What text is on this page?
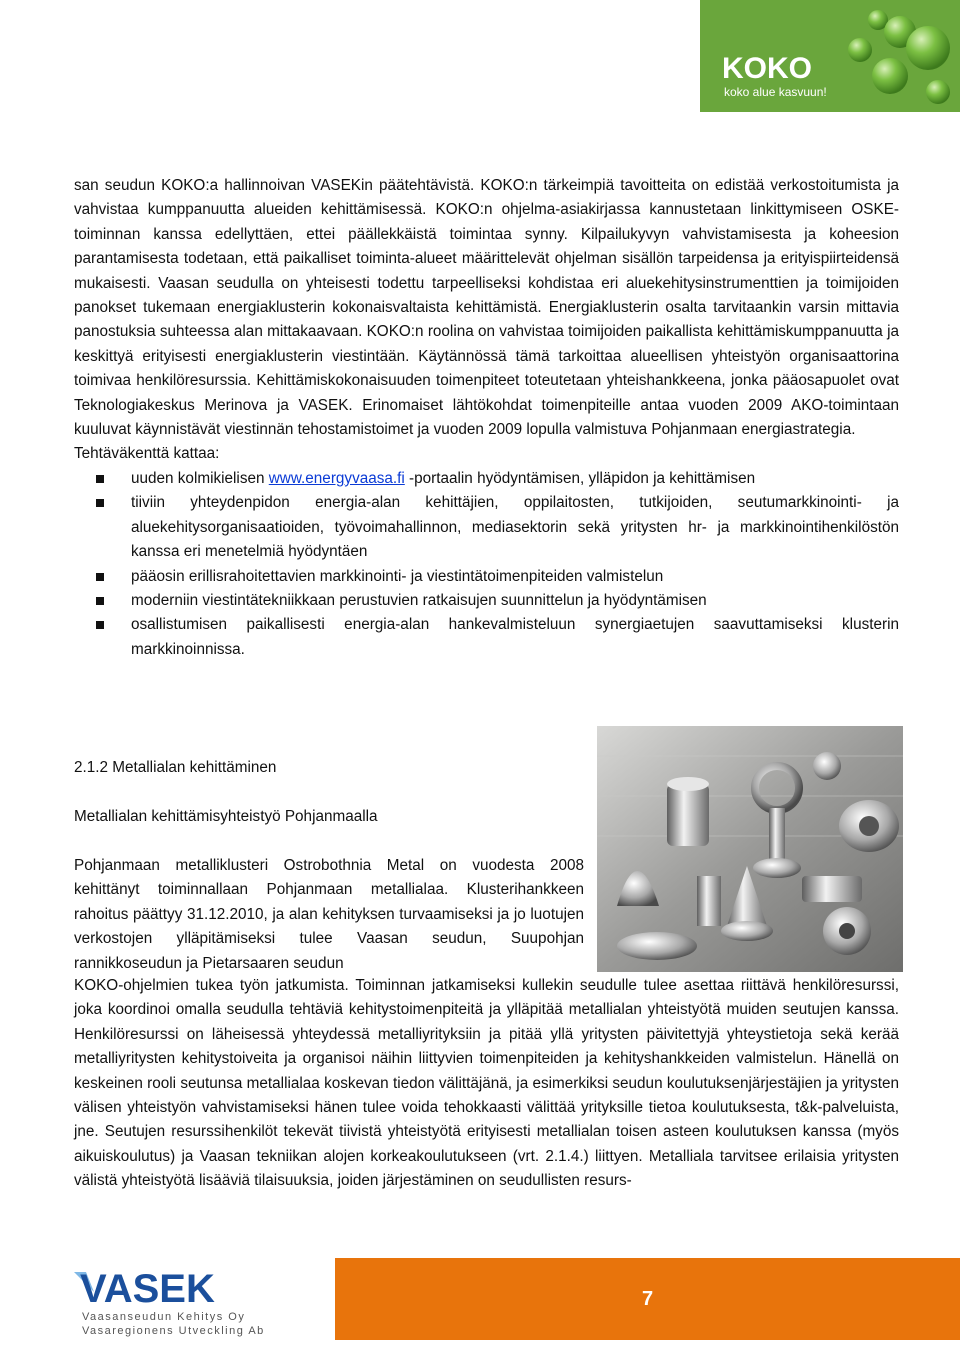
KOKO
koko alue kasvuun!

san seudun KOKO:a hallinnoivan VASEKin päätehtävistä. KOKO:n tärkeimpiä tavoitteita on edistää verkostoitumista ja vahvistaa kumppanuutta alueiden kehittämisessä. KOKO:n ohjelma-asiakirjassa kannustetaan linkittymiseen OSKE-toiminnan kanssa edellyttäen, ettei päällekkäistä toimintaa synny. Kilpailukyvyn vahvistamisesta ja koheesion parantamisesta todetaan, että paikalliset toiminta-alueet määrittelevät ohjelman sisällön tarpeidensa ja erityispiirteidensä mukaisesti. Vaasan seudulla on yhteisesti todettu tarpeelliseksi kohdistaa eri aluekehitysinstrumenttien ja toimijoiden panokset tukemaan energiaklusterin kokonaisvaltaista kehittämistä. Energiaklusterin osalta tarvitaankin varsin mittavia panostuksia suhteessa alan mittakaavaan. KOKO:n roolina on vahvistaa toimijoiden paikallista kehittämiskumppanuutta ja keskittyä erityisesti energiaklusterin viestintään. Käytännössä tämä tarkoittaa alueellisen yhteistyön organisaattorina toimivaa henkilöresurssia. Kehittämiskokonaisuuden toimenpiteet toteutetaan yhteishankkeena, jonka pääosapuolet ovat Teknologiakeskus Merinova ja VASEK. Erinomaiset lähtökohdat toimenpiteille antaa vuoden 2009 AKO-toimintaan kuuluvat käynnistävät viestinnän tehostamistoimet ja vuoden 2009 lopulla valmistuva Pohjanmaan energiastrategia.

Tehtäväkenttä kattaa:

uuden kolmikielisen www.energyvaasa.fi -portaalin hyödyntämisen, ylläpidon ja kehittämisen
tiiviin yhteydenpidon energia-alan kehittäjien, oppilaitosten, tutkijoiden, seutumarkkinointi- ja aluekehitysorganisaatioiden, työvoimahallinnon, mediasektorin sekä yritysten hr- ja markkinointihenkilöstön kanssa eri menetelmiä hyödyntäen
pääosin erillisrahoitettavien markkinointi- ja viestintätoimenpiteiden valmistelun
moderniin viestintätekniikkaan perustuvien ratkaisujen suunnittelun ja hyödyntämisen
osallistumisen paikallisesti energia-alan hankevalmisteluun synergiaetujen saavuttamiseksi klusterin markkinoinnissa.

2.1.2 Metallialan kehittäminen

Metallialan kehittämisyhteistyö Pohjanmaalla

Pohjanmaan metalliklusteri Ostrobothnia Metal on vuodesta 2008 kehittänyt toiminnallaan Pohjanmaan metallialaa. Klusterihankkeen rahoitus päättyy 31.12.2010, ja alan kehityksen turvaamiseksi ja jo luotujen verkostojen ylläpitämiseksi tulee Vaasan seudun, Suupohjan rannikkoseudun ja Pietarsaaren seudun

KOKO-ohjelmien tukea työn jatkumista. Toiminnan jatkamiseksi kullekin seudulle tulee asettaa riittävä henkilöresurssi, joka koordinoi omalla seudulla tehtäviä kehitystoimenpiteitä ja ylläpitää metallialan yhteistyötä muiden seutujen kanssa. Henkilöresurssi on läheisessä yhteydessä metalliyrityksiin ja pitää yllä yritysten päivitettyjä yhteystietoja sekä kerää metalliyritysten kehitystoiveita ja organisoi näihin liittyvien toimenpiteiden ja kehityshankkeiden valmistelun. Hänellä on keskeinen rooli seutunsa metallialaa koskevan tiedon välittäjänä, ja esimerkiksi seudun koulutuksenjärjestäjien ja yritysten välisen yhteistyön vahvistamiseksi hänen tulee voida tehokkaasti välittää yrityksille tietoa koulutuksesta, t&k-palveluista, jne. Seutujen resurssihenkilöt tekevät tiivistä yhteistyötä erityisesti metallialan toisen asteen koulutuksen kanssa (myös aikuiskoulutus) ja Vaasan tekniikan alojen korkeakoulutukseen (vrt. 2.1.4.) liittyen. Metalliala tarvitsee erilaisia yritysten välistä yhteistyötä lisääviä tilaisuuksia, joiden järjestäminen on seudullisten resurs-
VASEK
Vaasanseudun Kehitys Oy
Vasaregionens Utveckling Ab
7
